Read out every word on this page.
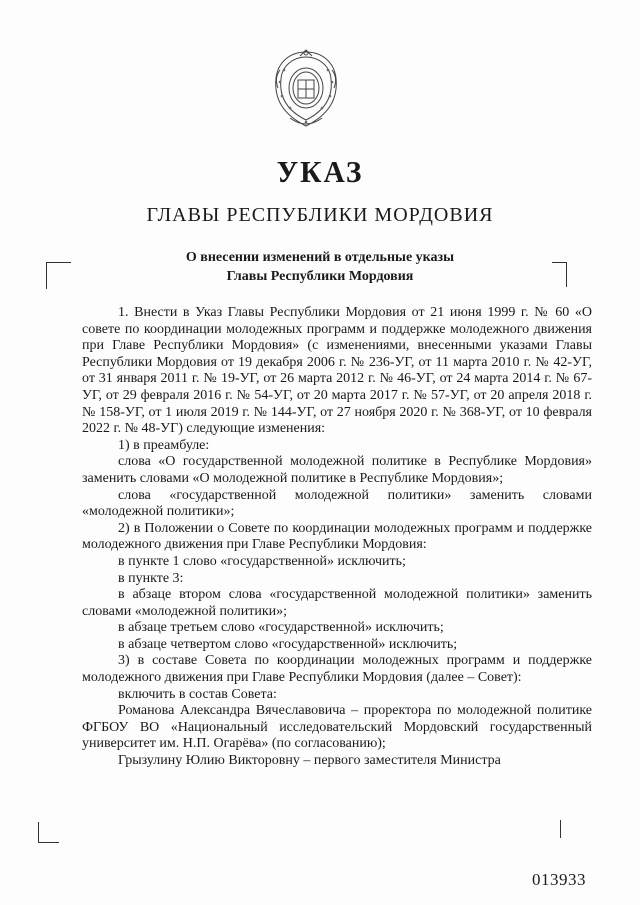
УКАЗ
ГЛАВЫ РЕСПУБЛИКИ МОРДОВИЯ
О внесении изменений в отдельные указы
Главы Республики Мордовия

1. Внести в Указ Главы Республики Мордовия от 21 июня 1999 г. № 60 «О совете по координации молодежных программ и поддержке молодежного движения при Главе Республики Мордовия» (с изменениями, внесенными указами Главы Республики Мордовия от 19 декабря 2006 г. № 236-УГ, от 11 марта 2010 г. № 42-УГ, от 31 января 2011 г. № 19-УГ, от 26 марта 2012 г. № 46-УГ, от 24 марта 2014 г. № 67-УГ, от 29 февраля 2016 г. № 54-УГ, от 20 марта 2017 г. № 57-УГ, от 20 апреля 2018 г. № 158-УГ, от 1 июля 2019 г. № 144-УГ, от 27 ноября 2020 г. № 368-УГ, от 10 февраля 2022 г. № 48-УГ) следующие изменения:

1) в преамбуле:

слова «О государственной молодежной политике в Республике Мордовия» заменить словами «О молодежной политике в Республике Мордовия»;

слова «государственной молодежной политики» заменить словами «молодежной политики»;

2) в Положении о Совете по координации молодежных программ и поддержке молодежного движения при Главе Республики Мордовия:

в пункте 1 слово «государственной» исключить;

в пункте 3:

в абзаце втором слова «государственной молодежной политики» заменить словами «молодежной политики»;

в абзаце третьем слово «государственной» исключить;

в абзаце четвертом слово «государственной» исключить;

3) в составе Совета по координации молодежных программ и поддержке молодежного движения при Главе Республики Мордовия (далее – Совет):

включить в состав Совета:

Романова Александра Вячеславовича – проректора по молодежной политике ФГБОУ ВО «Национальный исследовательский Мордовский государственный университет им. Н.П. Огарёва» (по согласованию);

Грызулину Юлию Викторовну – первого заместителя Министра

013933
